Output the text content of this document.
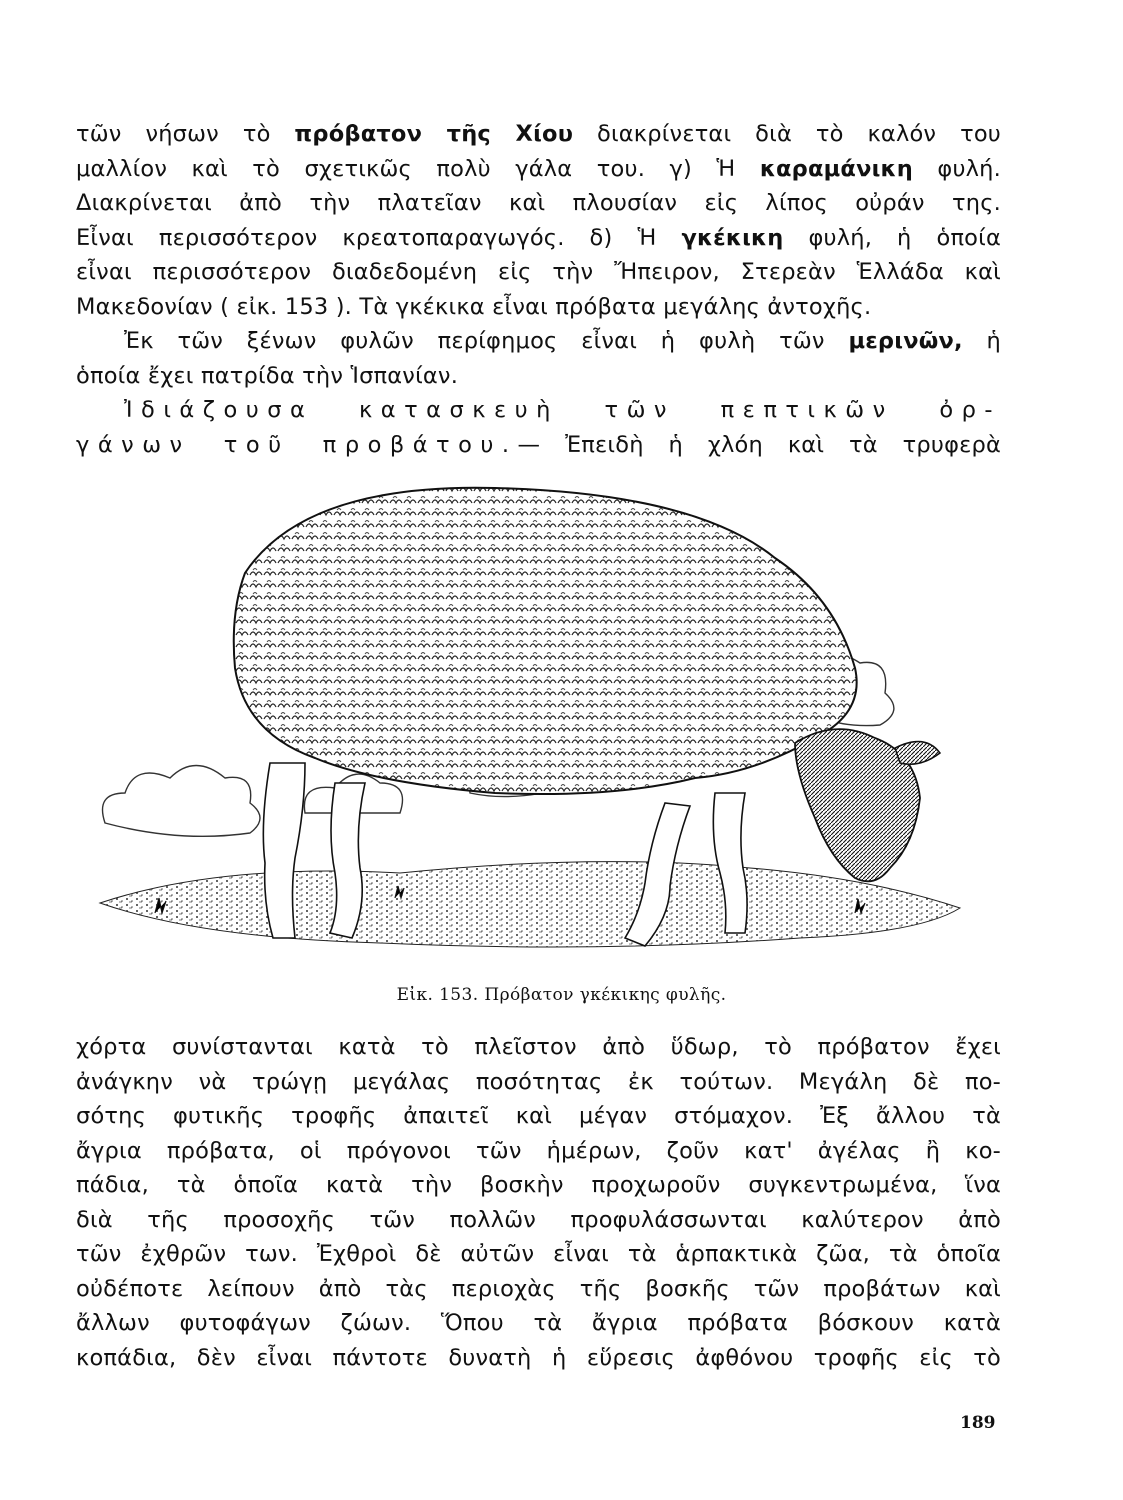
τῶν νήσων τὸ πρόβατον τῆς Χίου διακρίνεται διὰ τὸ καλόν του
μαλλίον καὶ τὸ σχετικῶς πολὺ γάλα του. γ) Ἡ καραμάνικη φυλή.
Διακρίνεται ἀπὸ τὴν πλατεῖαν καὶ πλουσίαν εἰς λίπος οὐράν της.
Εἶναι περισσότερον κρεατοπαραγωγός. δ) Ἡ γκέκικη φυλή, ἡ ὁποία
εἶναι περισσότερον διαδεδομένη εἰς τὴν Ἤπειρον, Στερεὰν Ἑλλάδα καὶ
Μακεδονίαν ( εἰκ. 153 ). Τὰ γκέκικα εἶναι πρόβατα μεγάλης ἀντοχῆς.
Ἐκ τῶν ξένων φυλῶν περίφημος εἶναι ἡ φυλὴ τῶν μερινῶν, ἡ
ὁποία ἔχει πατρίδα τὴν Ἱσπανίαν.
Ἰδιάζουσα κατασκευὴ τῶν πεπτικῶν ὀρ-
γάνων τοῦ προβάτου.— Ἐπειδὴ ἡ χλόη καὶ τὰ τρυφερὰ
Εἰκ. 153. Πρόβατον γκέκικης φυλῆς.
χόρτα συνίστανται κατὰ τὸ πλεῖστον ἀπὸ ὕδωρ, τὸ πρόβατον ἔχει
ἀνάγκην νὰ τρώγῃ μεγάλας ποσότητας ἐκ τούτων. Μεγάλη δὲ πο-
σότης φυτικῆς τροφῆς ἀπαιτεῖ καὶ μέγαν στόμαχον. Ἐξ ἄλλου τὰ
ἄγρια πρόβατα, οἱ πρόγονοι τῶν ἡμέρων, ζοῦν κατ' ἀγέλας ἢ κο-
πάδια, τὰ ὁποῖα κατὰ τὴν βοσκὴν προχωροῦν συγκεντρωμένα, ἵνα
διὰ τῆς προσοχῆς τῶν πολλῶν προφυλάσσωνται καλύτερον ἀπὸ
τῶν ἐχθρῶν των. Ἐχθροὶ δὲ αὐτῶν εἶναι τὰ ἁρπακτικὰ ζῶα, τὰ ὁποῖα
οὐδέποτε λείπουν ἀπὸ τὰς περιοχὰς τῆς βοσκῆς τῶν προβάτων καὶ
ἄλλων φυτοφάγων ζώων. Ὅπου τὰ ἄγρια πρόβατα βόσκουν κατὰ
κοπάδια, δὲν εἶναι πάντοτε δυνατὴ ἡ εὕρεσις ἀφθόνου τροφῆς εἰς τὸ
189
